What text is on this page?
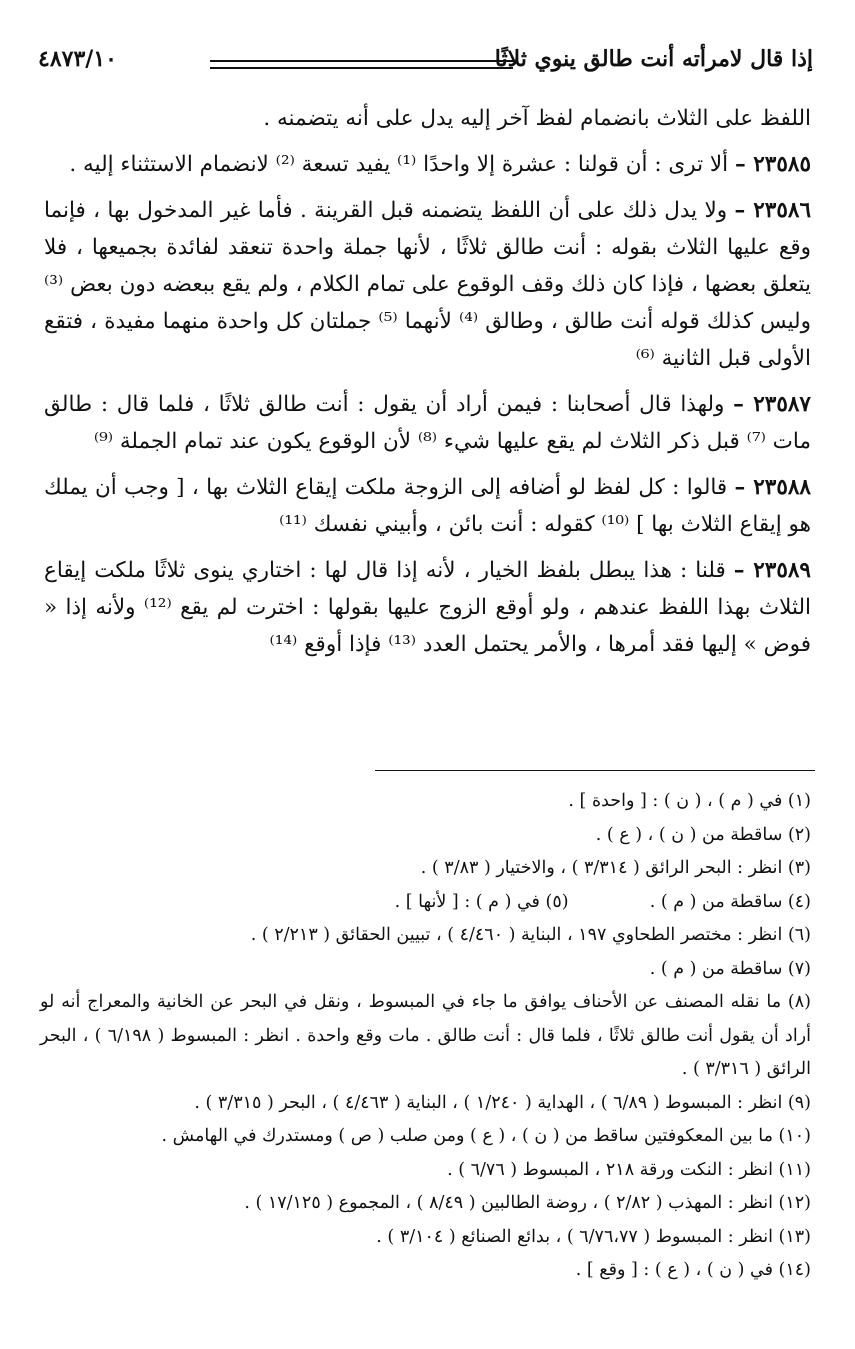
إذا قال لامرأته أنت طالق ينوي ثلاثًا
٤٨٧٣/١٠

اللفظ على الثلاث بانضمام لفظ آخر إليه يدل على أنه يتضمنه .

٢٣٥٨٥ – ألا ترى : أن قولنا : عشرة إلا واحدًا ⁽¹⁾ يفيد تسعة ⁽²⁾ لانضمام الاستثناء إليه .

٢٣٥٨٦ – ولا يدل ذلك على أن اللفظ يتضمنه قبل القرينة . فأما غير المدخول بها ، فإنما وقع عليها الثلاث بقوله : أنت طالق ثلاثًا ، لأنها جملة واحدة تنعقد لفائدة بجميعها ، فلا يتعلق بعضها ، فإذا كان ذلك وقف الوقوع على تمام الكلام ، ولم يقع ببعضه دون بعض ⁽³⁾ وليس كذلك قوله أنت طالق ، وطالق ⁽⁴⁾ لأنهما ⁽⁵⁾ جملتان كل واحدة منهما مفيدة ، فتقع الأولى قبل الثانية ⁽⁶⁾

٢٣٥٨٧ – ولهذا قال أصحابنا : فيمن أراد أن يقول : أنت طالق ثلاثًا ، فلما قال : طالق مات ⁽⁷⁾ قبل ذكر الثلاث لم يقع عليها شيء ⁽⁸⁾ لأن الوقوع يكون عند تمام الجملة ⁽⁹⁾

٢٣٥٨٨ – قالوا : كل لفظ لو أضافه إلى الزوجة ملكت إيقاع الثلاث بها ، [ وجب أن يملك هو إيقاع الثلاث بها ] ⁽¹⁰⁾ كقوله : أنت بائن ، وأبيني نفسك ⁽¹¹⁾

٢٣٥٨٩ – قلنا : هذا يبطل بلفظ الخيار ، لأنه إذا قال لها : اختاري ينوى ثلاثًا ملكت إيقاع الثلاث بهذا اللفظ عندهم ، ولو أوقع الزوج عليها بقولها : اخترت لم يقع ⁽¹²⁾ ولأنه إذا « فوض » إليها فقد أمرها ، والأمر يحتمل العدد ⁽¹³⁾ فإذا أوقع ⁽¹⁴⁾

(١) في ( م ) ، ( ن ) : [ واحدة ] .

(٢) ساقطة من ( ن ) ، ( ع ) .

(٣) انظر : البحر الرائق ( ٣/٣١٤ ) ، والاختيار ( ٣/٨٣ ) .

(٤) ساقطة من ( م ) .  (٥) في ( م ) : [ لأنها ] .

(٦) انظر : مختصر الطحاوي ١٩٧ ، البناية ( ٤/٤٦٠ ) ، تبيين الحقائق ( ٢/٢١٣ ) .

(٧) ساقطة من ( م ) .

(٨) ما نقله المصنف عن الأحناف يوافق ما جاء في المبسوط ، ونقل في البحر عن الخانية والمعراج أنه لو أراد أن يقول أنت طالق ثلاثًا ، فلما قال : أنت طالق . مات وقع واحدة . انظر : المبسوط ( ٦/١٩٨ ) ، البحر الرائق ( ٣/٣١٦ ) .

(٩) انظر : المبسوط ( ٦/٨٩ ) ، الهداية ( ١/٢٤٠ ) ، البناية ( ٤/٤٦٣ ) ، البحر ( ٣/٣١٥ ) .

(١٠) ما بين المعكوفتين ساقط من ( ن ) ، ( ع ) ومن صلب ( ص ) ومستدرك في الهامش .

(١١) انظر : النكت ورقة ٢١٨ ، المبسوط ( ٦/٧٦ ) .

(١٢) انظر : المهذب ( ٢/٨٢ ) ، روضة الطالبين ( ٨/٤٩ ) ، المجموع ( ١٧/١٢٥ ) .

(١٣) انظر : المبسوط ( ٦/٧٦،٧٧ ) ، بدائع الصنائع ( ٣/١٠٤ ) .

(١٤) في ( ن ) ، ( ع ) : [ وقع ] .
